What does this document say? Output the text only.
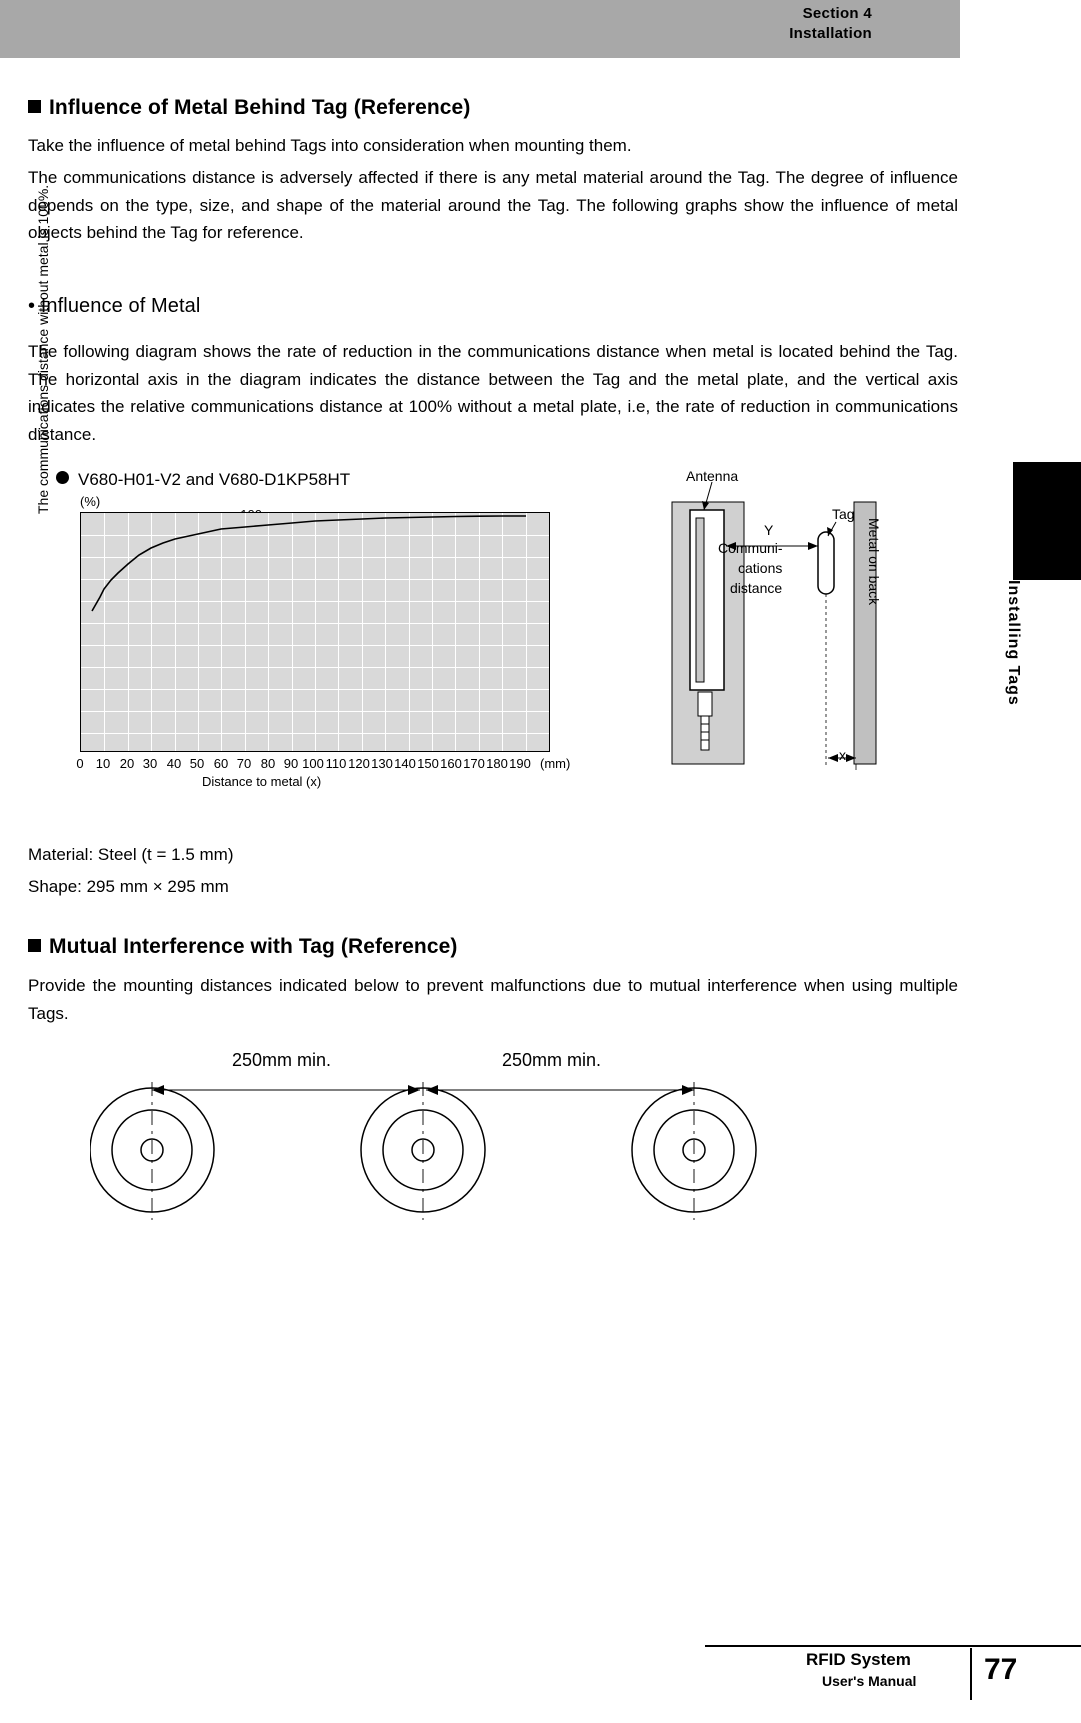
Section 4
Installation
Section 4
Installing Tags
Influence of Metal Behind Tag (Reference)

Take the influence of metal behind Tags into consideration when mounting them.

The communications distance is adversely affected if there is any metal material around the Tag. The degree of influence depends on the type, size, and shape of the material around the Tag. The following graphs show the influence of metal objects behind the Tag for reference.

• Influence of Metal

The following diagram shows the rate of reduction in the communications distance when metal is located behind the Tag. The horizontal axis in the diagram indicates the distance between the Tag and the metal plate, and the vertical axis indicates the relative communications distance at 100% without a metal plate, i.e, the rate of reduction in communications distance.

V680-H01-V2 and V680-D1KP58HT
(%)
The communications distance without metal is 100%.
0 10 20 30 40 50 60 70 80 90 100 110 120 130 140 150 160 170 180 190 (mm)
Distance to metal (x)
Antenna
Tag
Y
Communi-
cations
distance	Metal on back
x
Material: Steel (t = 1.5 mm)
Shape: 295 mm × 295 mm
Mutual Interference with Tag (Reference)

Provide the mounting distances indicated below to prevent malfunctions due to mutual interference when using multiple Tags.

250mm min.	250mm min.
RFID System
User's Manual 77
